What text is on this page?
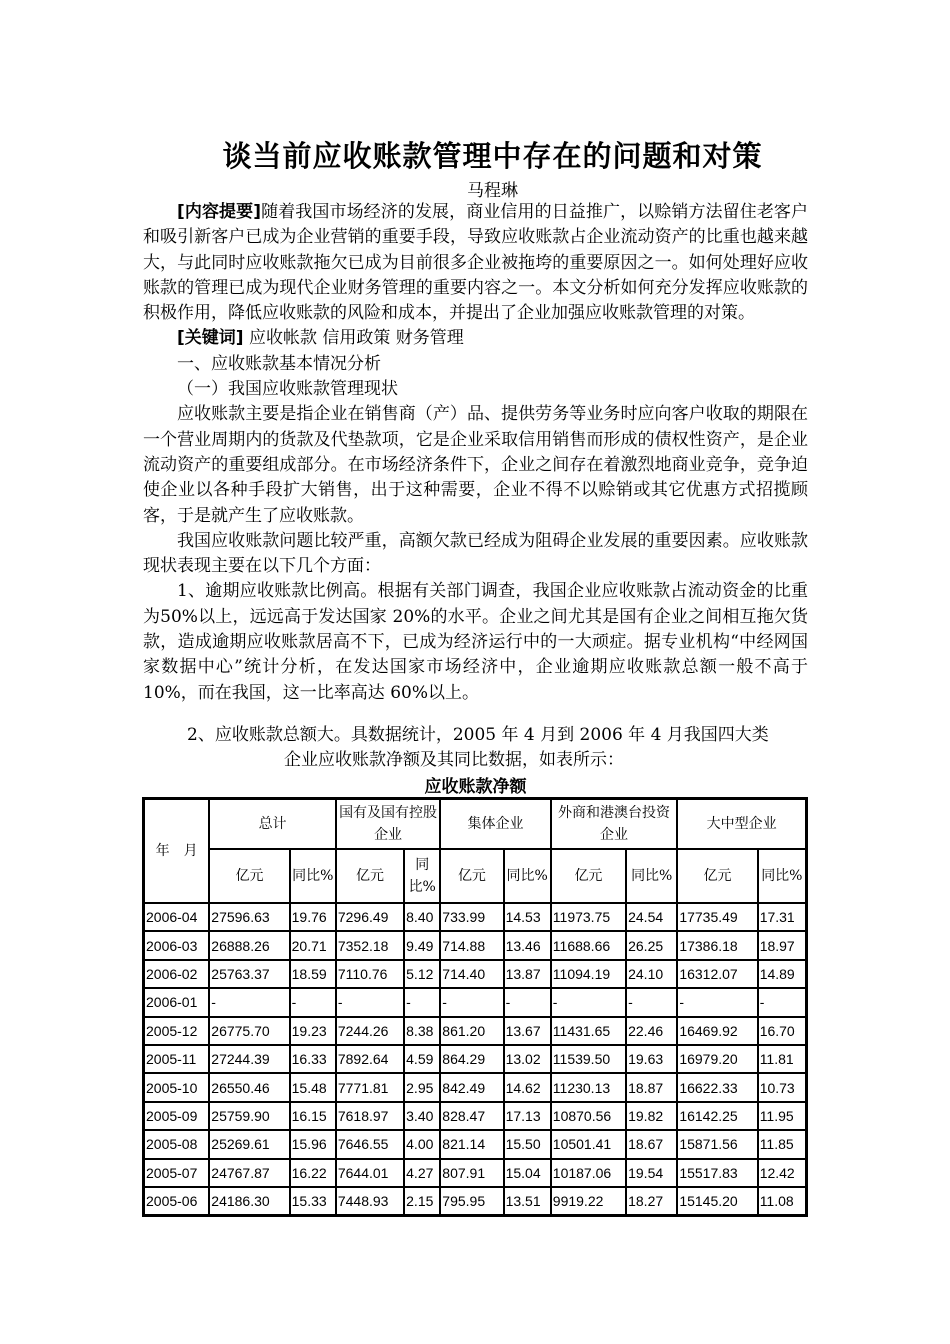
谈当前应收账款管理中存在的问题和对策
马程琳

[内容提要]随着我国市场经济的发展，商业信用的日益推广，以赊销方法留住老客户和吸引新客户已成为企业营销的重要手段，导致应收账款占企业流动资产的比重也越来越大，与此同时应收账款拖欠已成为目前很多企业被拖垮的重要原因之一。如何处理好应收账款的管理已成为现代企业财务管理的重要内容之一。本文分析如何充分发挥应收账款的积极作用，降低应收账款的风险和成本，并提出了企业加强应收账款管理的对策。

[关键词] 应收帐款 信用政策 财务管理

一、应收账款基本情况分析

（一）我国应收账款管理现状

应收账款主要是指企业在销售商（产）品、提供劳务等业务时应向客户收取的期限在一个营业周期内的货款及代垫款项，它是企业采取信用销售而形成的债权性资产，是企业流动资产的重要组成部分。在市场经济条件下，企业之间存在着激烈地商业竞争，竞争迫使企业以各种手段扩大销售，出于这种需要，企业不得不以赊销或其它优惠方式招揽顾客，于是就产生了应收账款。

我国应收账款问题比较严重，高额欠款已经成为阻碍企业发展的重要因素。应收账款现状表现主要在以下几个方面：

1、逾期应收账款比例高。根据有关部门调查，我国企业应收账款占流动资金的比重为50%以上，远远高于发达国家 20%的水平。企业之间尤其是国有企业之间相互拖欠货款，造成逾期应收账款居高不下，已成为经济运行中的一大顽症。据专业机构“中经网国家数据中心”统计分析，在发达国家市场经济中，企业逾期应收账款总额一般不高于 10%，而在我国，这一比率高达 60%以上。

2、应收账款总额大。具数据统计，2005 年 4 月到 2006 年 4 月我国四大类

企业应收账款净额及其同比数据，如表所示：

应收账款净额
年　月	总计		国有及国有控股企业		集体企业		外商和港澳台投资企业		大中型企业	
	亿元	同比%	亿元	同比%	亿元	同比%	亿元	同比%	亿元	同比%
2006-04	27596.63	19.76	7296.49	8.40	733.99	14.53	11973.75	24.54	17735.49	17.31
2006-03	26888.26	20.71	7352.18	9.49	714.88	13.46	11688.66	26.25	17386.18	18.97
2006-02	25763.37	18.59	7110.76	5.12	714.40	13.87	11094.19	24.10	16312.07	14.89
2006-01	-	-	-	-	-	-	-	-	-	-
2005-12	26775.70	19.23	7244.26	8.38	861.20	13.67	11431.65	22.46	16469.92	16.70
2005-11	27244.39	16.33	7892.64	4.59	864.29	13.02	11539.50	19.63	16979.20	11.81
2005-10	26550.46	15.48	7771.81	2.95	842.49	14.62	11230.13	18.87	16622.33	10.73
2005-09	25759.90	16.15	7618.97	3.40	828.47	17.13	10870.56	19.82	16142.25	11.95
2005-08	25269.61	15.96	7646.55	4.00	821.14	15.50	10501.41	18.67	15871.56	11.85
2005-07	24767.87	16.22	7644.01	4.27	807.91	15.04	10187.06	19.54	15517.83	12.42
2005-06	24186.30	15.33	7448.93	2.15	795.95	13.51	9919.22	18.27	15145.20	11.08
